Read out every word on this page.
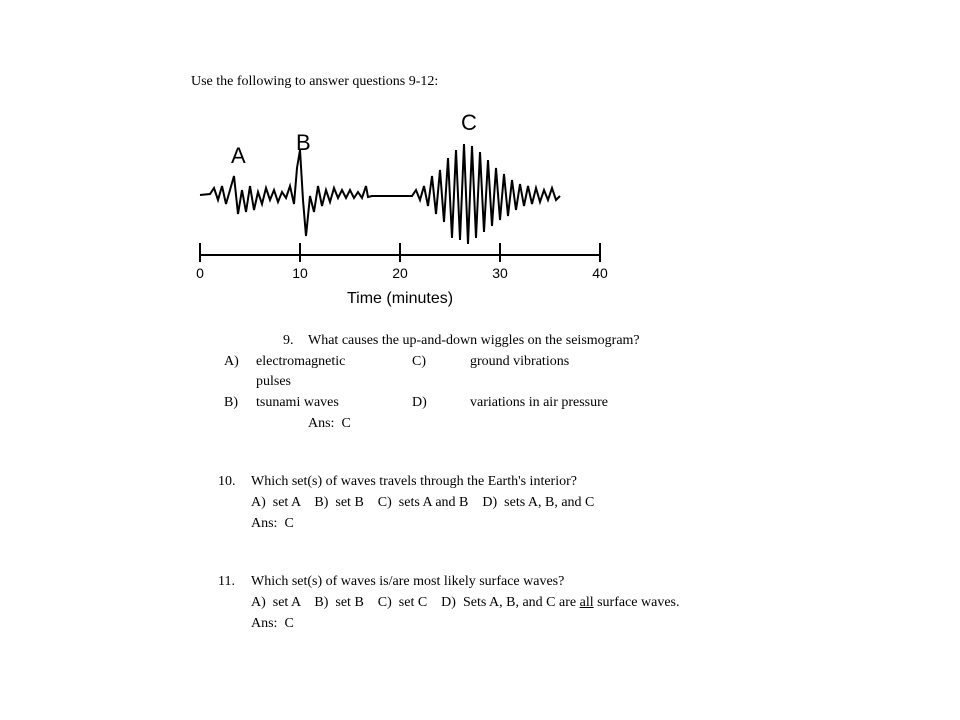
Use the following to answer questions 9-12:
0	10	20	30	40
Time (minutes)
A
B
C
9. What causes the up-and-down wiggles on the seismogram?
A) electromagnetic
pulses
C)	ground vibrations
B) tsunami waves	D)	variations in air pressure
Ans:  C
10. Which set(s) of waves travels through the Earth's interior?
A)  set A    B)  set B    C)  sets A and B    D)  sets A, B, and C
Ans:  C
11. Which set(s) of waves is/are most likely surface waves?
A)  set A    B)  set B    C)  set C    D)  Sets A, B, and C are all surface waves.
Ans:  C
